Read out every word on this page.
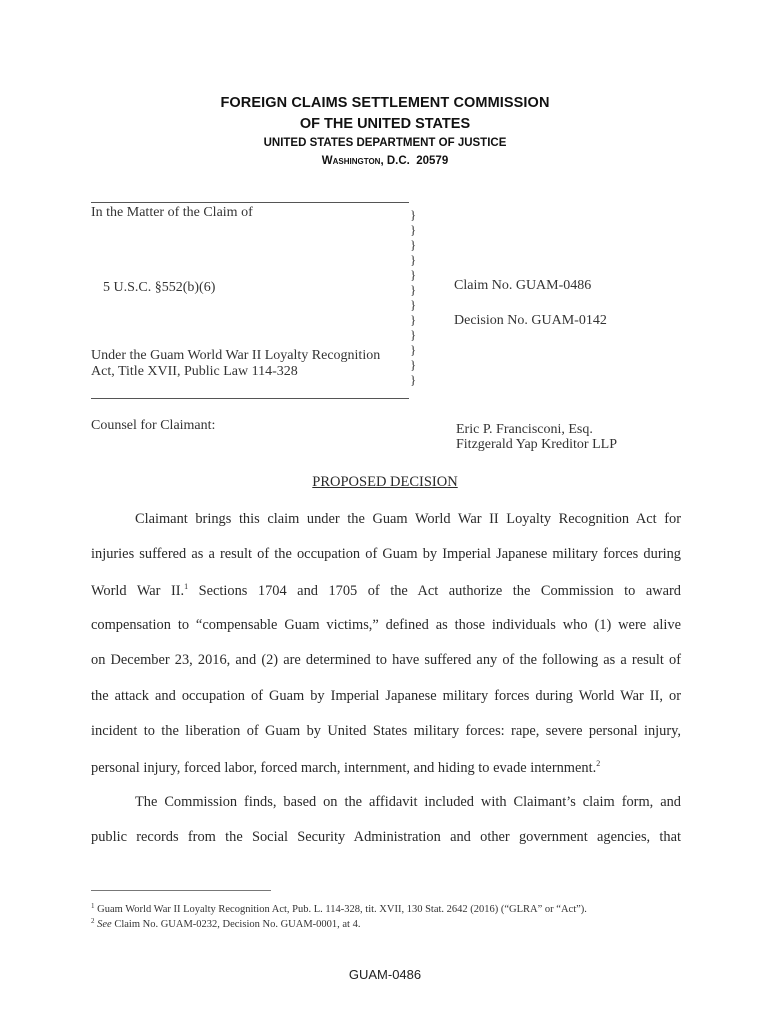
FOREIGN CLAIMS SETTLEMENT COMMISSION
OF THE UNITED STATES
UNITED STATES DEPARTMENT OF JUSTICE
Washington, D.C. 20579
In the Matter of the Claim of	}
}
}
}
}
}
}
}
}
}
}
}
5 U.S.C. §552(b)(6)	Claim No. GUAM-0486
Decision No. GUAM-0142
Under the Guam World War II Loyalty Recognition
Act, Title XVII, Public Law 114-328
Counsel for Claimant:	Eric P. Francisconi, Esq.
Fitzgerald Yap Kreditor LLP
PROPOSED DECISION
Claimant brings this claim under the Guam World War II Loyalty Recognition Act for
injuries suffered as a result of the occupation of Guam by Imperial Japanese military forces during
World War II.$^1$ Sections 1704 and 1705 of the Act authorize the Commission to award
compensation to “compensable Guam victims,” defined as those individuals who (1) were alive
on December 23, 2016, and (2) are determined to have suffered any of the following as a result of
the attack and occupation of Guam by Imperial Japanese military forces during World War II, or
incident to the liberation of Guam by United States military forces: rape, severe personal injury,
personal injury, forced labor, forced march, internment, and hiding to evade internment.$^2$
The Commission finds, based on the affidavit included with Claimant’s claim form, and
public records from the Social Security Administration and other government agencies, that
$^1$ Guam World War II Loyalty Recognition Act, Pub. L. 114-328, tit. XVII, 130 Stat. 2642 (2016) (“GLRA” or “Act”).
$^2$ See Claim No. GUAM-0232, Decision No. GUAM-0001, at 4.
GUAM-0486
